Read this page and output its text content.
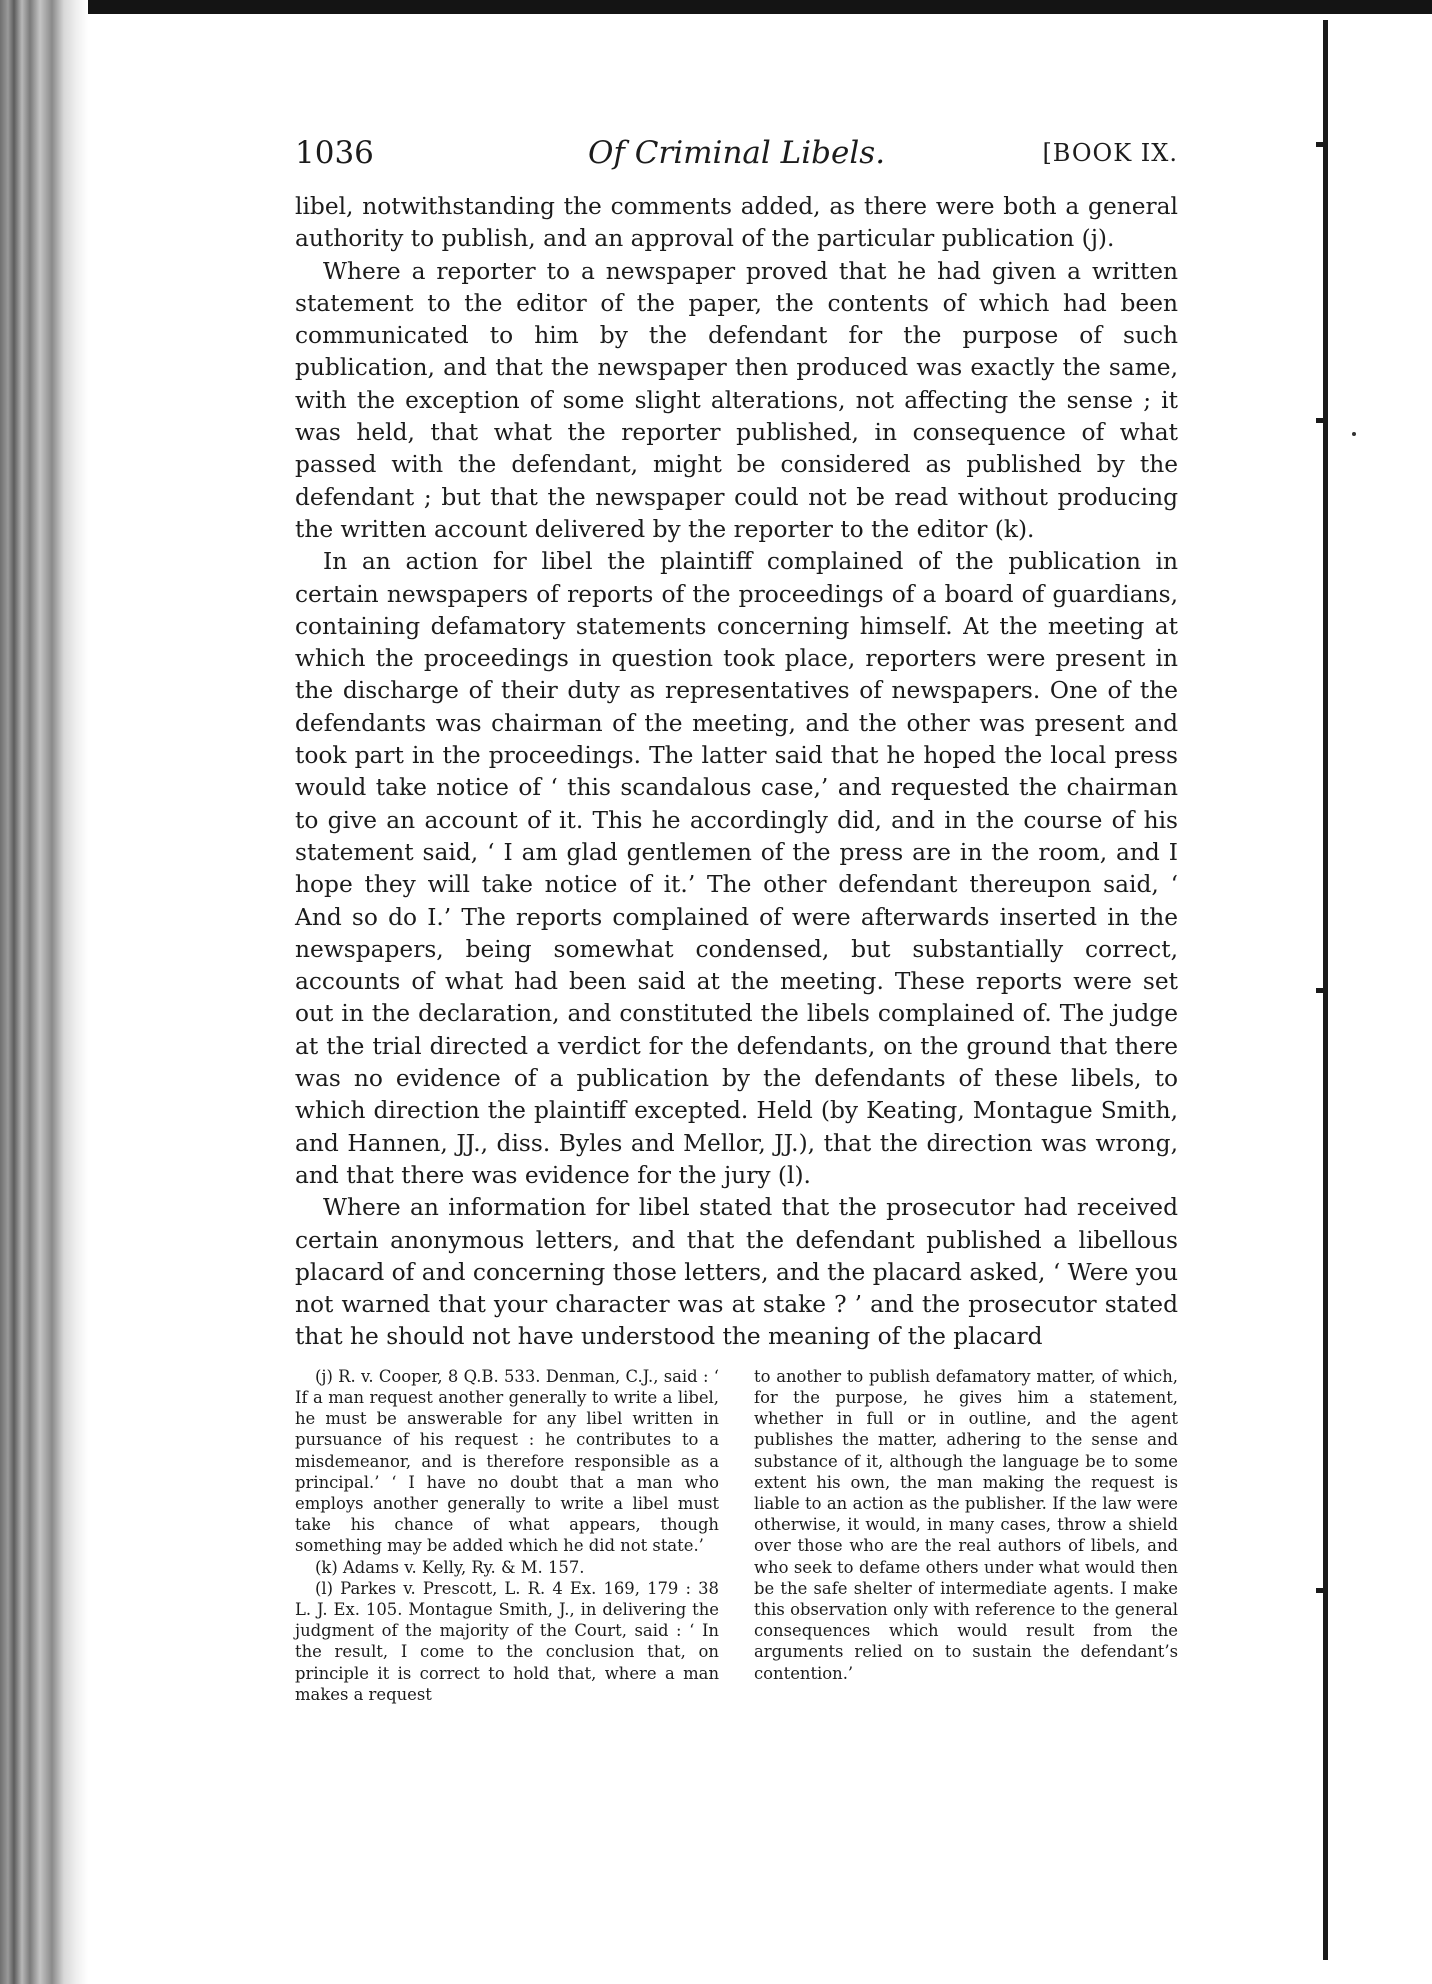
1036	Of Criminal Libels.	[BOOK IX.

libel, notwithstanding the comments added, as there were both a general authority to publish, and an approval of the particular publication (j).

Where a reporter to a newspaper proved that he had given a written statement to the editor of the paper, the contents of which had been communicated to him by the defendant for the purpose of such publication, and that the newspaper then produced was exactly the same, with the exception of some slight alterations, not affecting the sense ; it was held, that what the reporter published, in consequence of what passed with the defendant, might be considered as published by the defendant ; but that the newspaper could not be read without producing the written account delivered by the reporter to the editor (k).

In an action for libel the plaintiff complained of the publication in certain newspapers of reports of the proceedings of a board of guardians, containing defamatory statements concerning himself. At the meeting at which the proceedings in question took place, reporters were present in the discharge of their duty as representatives of newspapers. One of the defendants was chairman of the meeting, and the other was present and took part in the proceedings. The latter said that he hoped the local press would take notice of ‘ this scandalous case,’ and requested the chairman to give an account of it. This he accordingly did, and in the course of his statement said, ‘ I am glad gentlemen of the press are in the room, and I hope they will take notice of it.’ The other defendant thereupon said, ‘ And so do I.’ The reports complained of were afterwards inserted in the newspapers, being somewhat condensed, but substantially correct, accounts of what had been said at the meeting. These reports were set out in the declaration, and constituted the libels complained of. The judge at the trial directed a verdict for the defendants, on the ground that there was no evidence of a publication by the defendants of these libels, to which direction the plaintiff excepted. Held (by Keating, Montague Smith, and Hannen, JJ., diss. Byles and Mellor, JJ.), that the direction was wrong, and that there was evidence for the jury (l).

Where an information for libel stated that the prosecutor had received certain anonymous letters, and that the defendant published a libellous placard of and concerning those letters, and the placard asked, ‘ Were you not warned that your character was at stake ? ’ and the prosecutor stated that he should not have understood the meaning of the placard

(j) R. v. Cooper, 8 Q.B. 533. Denman, C.J., said : ‘ If a man request another generally to write a libel, he must be answerable for any libel written in pursuance of his request : he contributes to a misdemeanor, and is therefore responsible as a principal.’ ‘ I have no doubt that a man who employs another generally to write a libel must take his chance of what appears, though something may be added which he did not state.’

(k) Adams v. Kelly, Ry. & M. 157.

(l) Parkes v. Prescott, L. R. 4 Ex. 169, 179 : 38 L. J. Ex. 105. Montague Smith, J., in delivering the judgment of the majority of the Court, said : ‘ In the result, I come to the conclusion that, on principle it is correct to hold that, where a man makes a request

to another to publish defamatory matter, of which, for the purpose, he gives him a statement, whether in full or in outline, and the agent publishes the matter, adhering to the sense and substance of it, although the language be to some extent his own, the man making the request is liable to an action as the publisher. If the law were otherwise, it would, in many cases, throw a shield over those who are the real authors of libels, and who seek to defame others under what would then be the safe shelter of intermediate agents. I make this observation only with reference to the general consequences which would result from the arguments relied on to sustain the defendant’s contention.’
